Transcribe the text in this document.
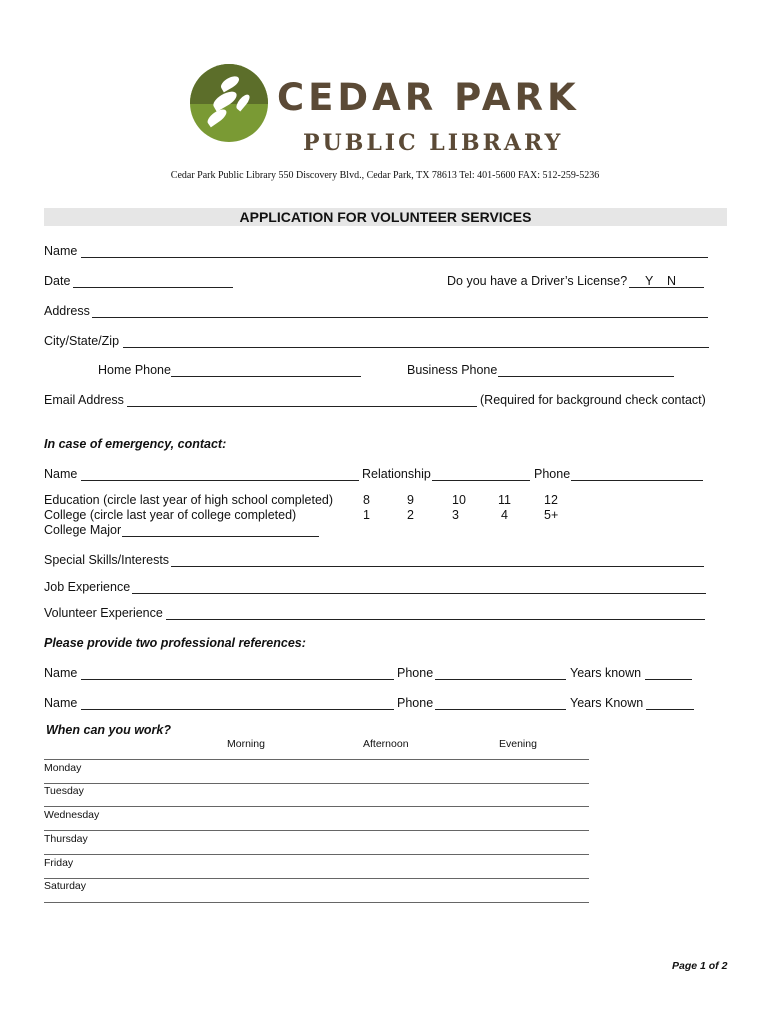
CEDAR PARK
PUBLIC LIBRARY
Cedar Park Public Library 550 Discovery Blvd., Cedar Park, TX 78613 Tel: 401-5600 FAX: 512-259-5236
APPLICATION FOR VOLUNTEER SERVICES
Name
Date	Do you have a Driver’s License? Y N
Address
City/State/Zip
Home Phone	Business Phone
Email Address	(Required for background check contact)
In case of emergency, contact:
Name	Relationship	Phone
Education (circle last year of high school completed) 8	9	10	11	12
College (circle last year of college completed)	1	2	3	4	5+
College Major
Special Skills/Interests
Job Experience
Volunteer Experience
Please provide two professional references:
Name	Phone	Years known
Name	Phone	Years Known
When can you work?
Morning	Afternoon	Evening
Monday
Tuesday
Wednesday
Thursday
Friday
Saturday
Page 1 of 2
